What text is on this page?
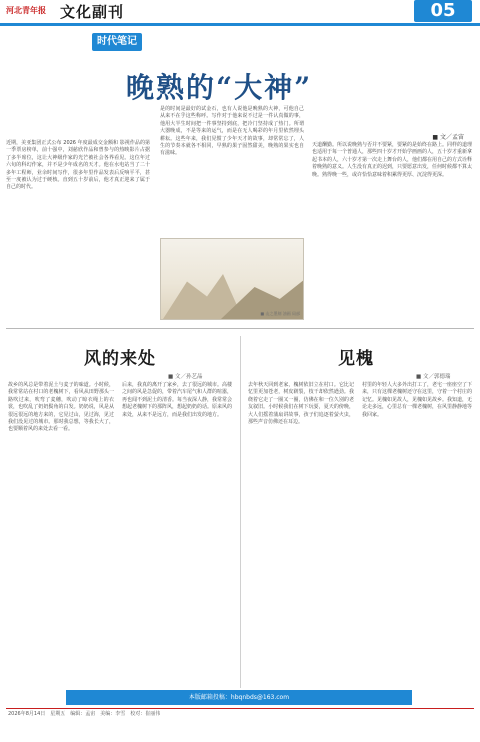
河北青年报 文化副刊	05
时代笔记
晚熟的“大神”
■ 文／孟宙
近期，美亚集团正式公布 2026 年度最成交金额和 影视作品的第一季票房榜单，前十强中，刘慈欣作品和曾参与的热映影片占据了多半席位，这让大神级作家的光芒被社会各界看见。这位年过六旬的科幻作家，并不是少年成名的天才。他在水电站当了二十多年工程师，业余时间写作，很多年里作品发表后反响平平，甚至一度被认为过于硬核。直到五十岁前后，他才真正迎来了属于自己的时代。
是的时间是最好的试金石，也有人说他是晚熟的大神，可他自己从来不在乎这些称呼。写作对于他来说不过是一件认真做的事，他用大半生时间把一件事坚持到底，把冷门坚持成了热门。所谓大器晚成，不是等来的运气，而是在无人喝彩的年月里依然埋头耕耘。这些年来，我们见惯了少年天才的故事，却常常忘了，人生的节奏本就各不相同，早熟的果子固然甜美，晚熟的果实也自有滋味。
天道酬勤。所以说晚熟与否并不要紧，要紧的是始终在路上。同样的道理也适用于每一个普通人，那些四十岁才开始学画画的人，五十岁才重新拿起书本的人，六十岁才第一次走上舞台的人，他们都在用自己的方式诠释着晚熟的意义。人生没有真正的迟到，只要愿意出发，任何时候都不算太晚。熟得晚一些，或许恰恰意味着积累得更厚、沉淀得更深。
■ 山之墨刻 油画 局部
风的来处
■ 文／孙艺晶
故乡的风总是带着泥土与麦子的味道。小时候，我常常站在村口的老槐树下，看风从田野那头一路吹过来，吹弯了麦穗，吹动了晾衣绳上的衣裳，也吹乱了奶奶鬓角的白发。奶奶说，风是从很远很远的地方来的，它见过山，见过海，见过我们没见过的城市。那时我总想，等我长大了，也要顺着风的来处去看一看。
后来，我真的离开了家乡，去了很远的城市。高楼之间的风是急促的，带着汽车尾气和人群的喧嚣，再也闻不到泥土的清香。每当夜深人静，我常常会想起老槐树下的那阵风，想起奶奶的话。原来风的来处，从来不是远方，而是我们出发的地方。
见槐
■ 文／郭德瑞
去年秋天回到老家，槐树依旧立在村口。它比记忆里更加苍老，树皮皲裂，枝干却依然遒劲。我绕着它走了一圈又一圈，仿佛在和一位久别的老友叙旧。小时候我们在树下玩耍，夏天的傍晚，大人们摇着蒲扇讲故事，孩子们追逐着萤火虫，那些声音仿佛还在耳边。
村里的年轻人大多外出打工了，老宅一座座空了下来，只有这棵老槐树还守在这里，守着一个村庄的记忆。见槐如见故人，见槐如见故乡。我知道，无论走多远，心里总有一棵老槐树，在风里静静地等我回家。
本版邮箱投稿：hbqnbds@163.com
2026年8月14日　星期五　编辑：孟宙　美编：李雪　校对：崔丽伟
